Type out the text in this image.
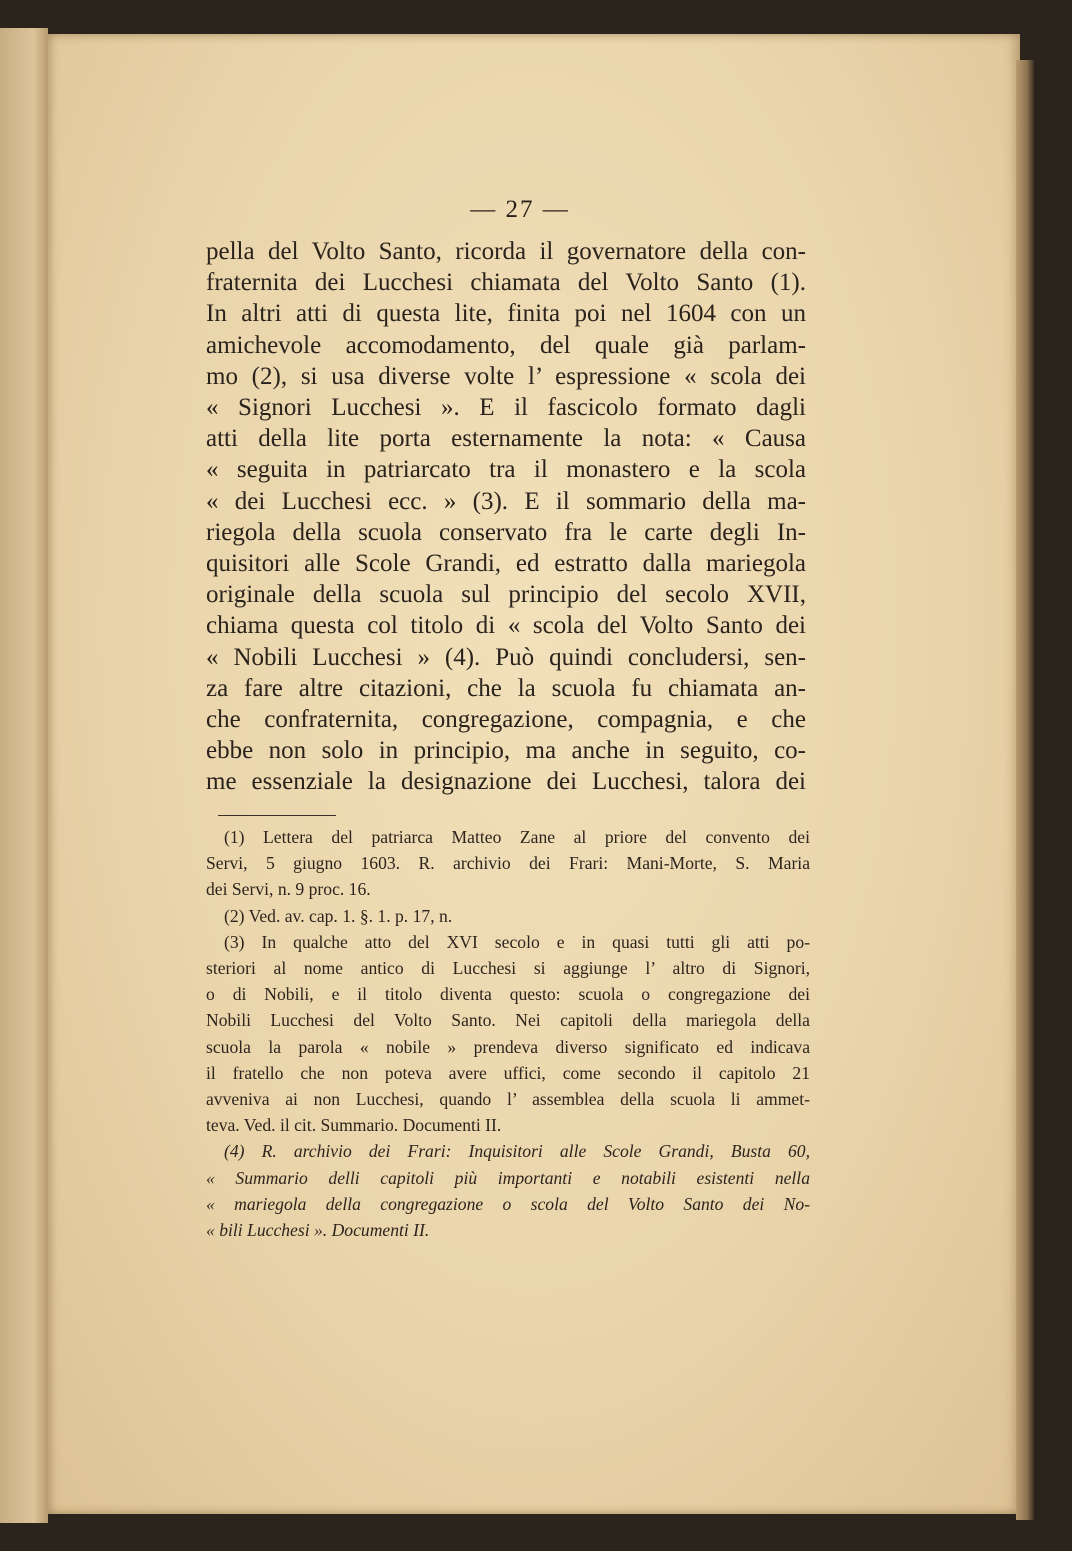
— 27 —
pella del Volto Santo, ricorda il governatore della con-
fraternita dei Lucchesi chiamata del Volto Santo (1).
In altri atti di questa lite, finita poi nel 1604 con un
amichevole accomodamento, del quale già parlam-
mo (2), si usa diverse volte l’ espressione « scola dei
« Signori Lucchesi ». E il fascicolo formato dagli
atti della lite porta esternamente la nota: « Causa
« seguita in patriarcato tra il monastero e la scola
« dei Lucchesi ecc. » (3). E il sommario della ma-
riegola della scuola conservato fra le carte degli In-
quisitori alle Scole Grandi, ed estratto dalla mariegola
originale della scuola sul principio del secolo XVII,
chiama questa col titolo di « scola del Volto Santo dei
« Nobili Lucchesi » (4). Può quindi concludersi, sen-
za fare altre citazioni, che la scuola fu chiamata an-
che confraternita, congregazione, compagnia, e che
ebbe non solo in principio, ma anche in seguito, co-
me essenziale la designazione dei Lucchesi, talora dei
(1) Lettera del patriarca Matteo Zane al priore del convento dei
Servi, 5 giugno 1603. R. archivio dei Frari: Mani-Morte, S. Maria
dei Servi, n. 9 proc. 16.
(2) Ved. av. cap. 1. §. 1. p. 17, n.
(3) In qualche atto del XVI secolo e in quasi tutti gli atti po-
steriori al nome antico di Lucchesi si aggiunge l’ altro di Signori,
o di Nobili, e il titolo diventa questo: scuola o congregazione dei
Nobili Lucchesi del Volto Santo. Nei capitoli della mariegola della
scuola la parola « nobile » prendeva diverso significato ed indicava
il fratello che non poteva avere uffici, come secondo il capitolo 21
avveniva ai non Lucchesi, quando l’ assemblea della scuola li ammet-
teva. Ved. il cit. Summario. Documenti II.
(4) R. archivio dei Frari: Inquisitori alle Scole Grandi, Busta 60,
« Summario delli capitoli più importanti e notabili esistenti nella
« mariegola della congregazione o scola del Volto Santo dei No-
« bili Lucchesi ». Documenti II.
